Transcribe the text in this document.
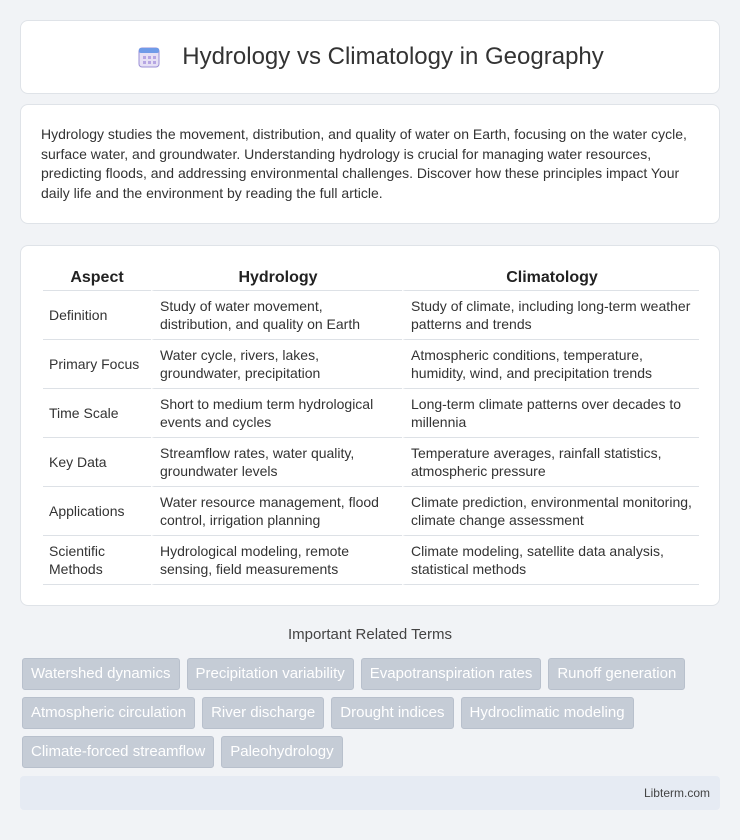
Hydrology vs Climatology in Geography

Hydrology studies the movement, distribution, and quality of water on Earth, focusing on the water cycle, surface water, and groundwater. Understanding hydrology is crucial for managing water resources, predicting floods, and addressing environmental challenges. Discover how these principles impact Your daily life and the environment by reading the full article.

Aspect	Hydrology	Climatology
Definition	Study of water movement, distribution, and quality on Earth	Study of climate, including long-term weather patterns and trends
Primary Focus	Water cycle, rivers, lakes, groundwater, precipitation	Atmospheric conditions, temperature, humidity, wind, and precipitation trends
Time Scale	Short to medium term hydrological events and cycles	Long-term climate patterns over decades to millennia
Key Data	Streamflow rates, water quality, groundwater levels	Temperature averages, rainfall statistics, atmospheric pressure
Applications	Water resource management, flood control, irrigation planning	Climate prediction, environmental monitoring, climate change assessment
Scientific Methods	Hydrological modeling, remote sensing, field measurements	Climate modeling, satellite data analysis, statistical methods
Important Related Terms
Watershed dynamics	Precipitation variability	Evapotranspiration rates	Runoff generation
Atmospheric circulation	River discharge	Drought indices	Hydroclimatic modeling
Climate-forced streamflow	Paleohydrology
Libterm.com
